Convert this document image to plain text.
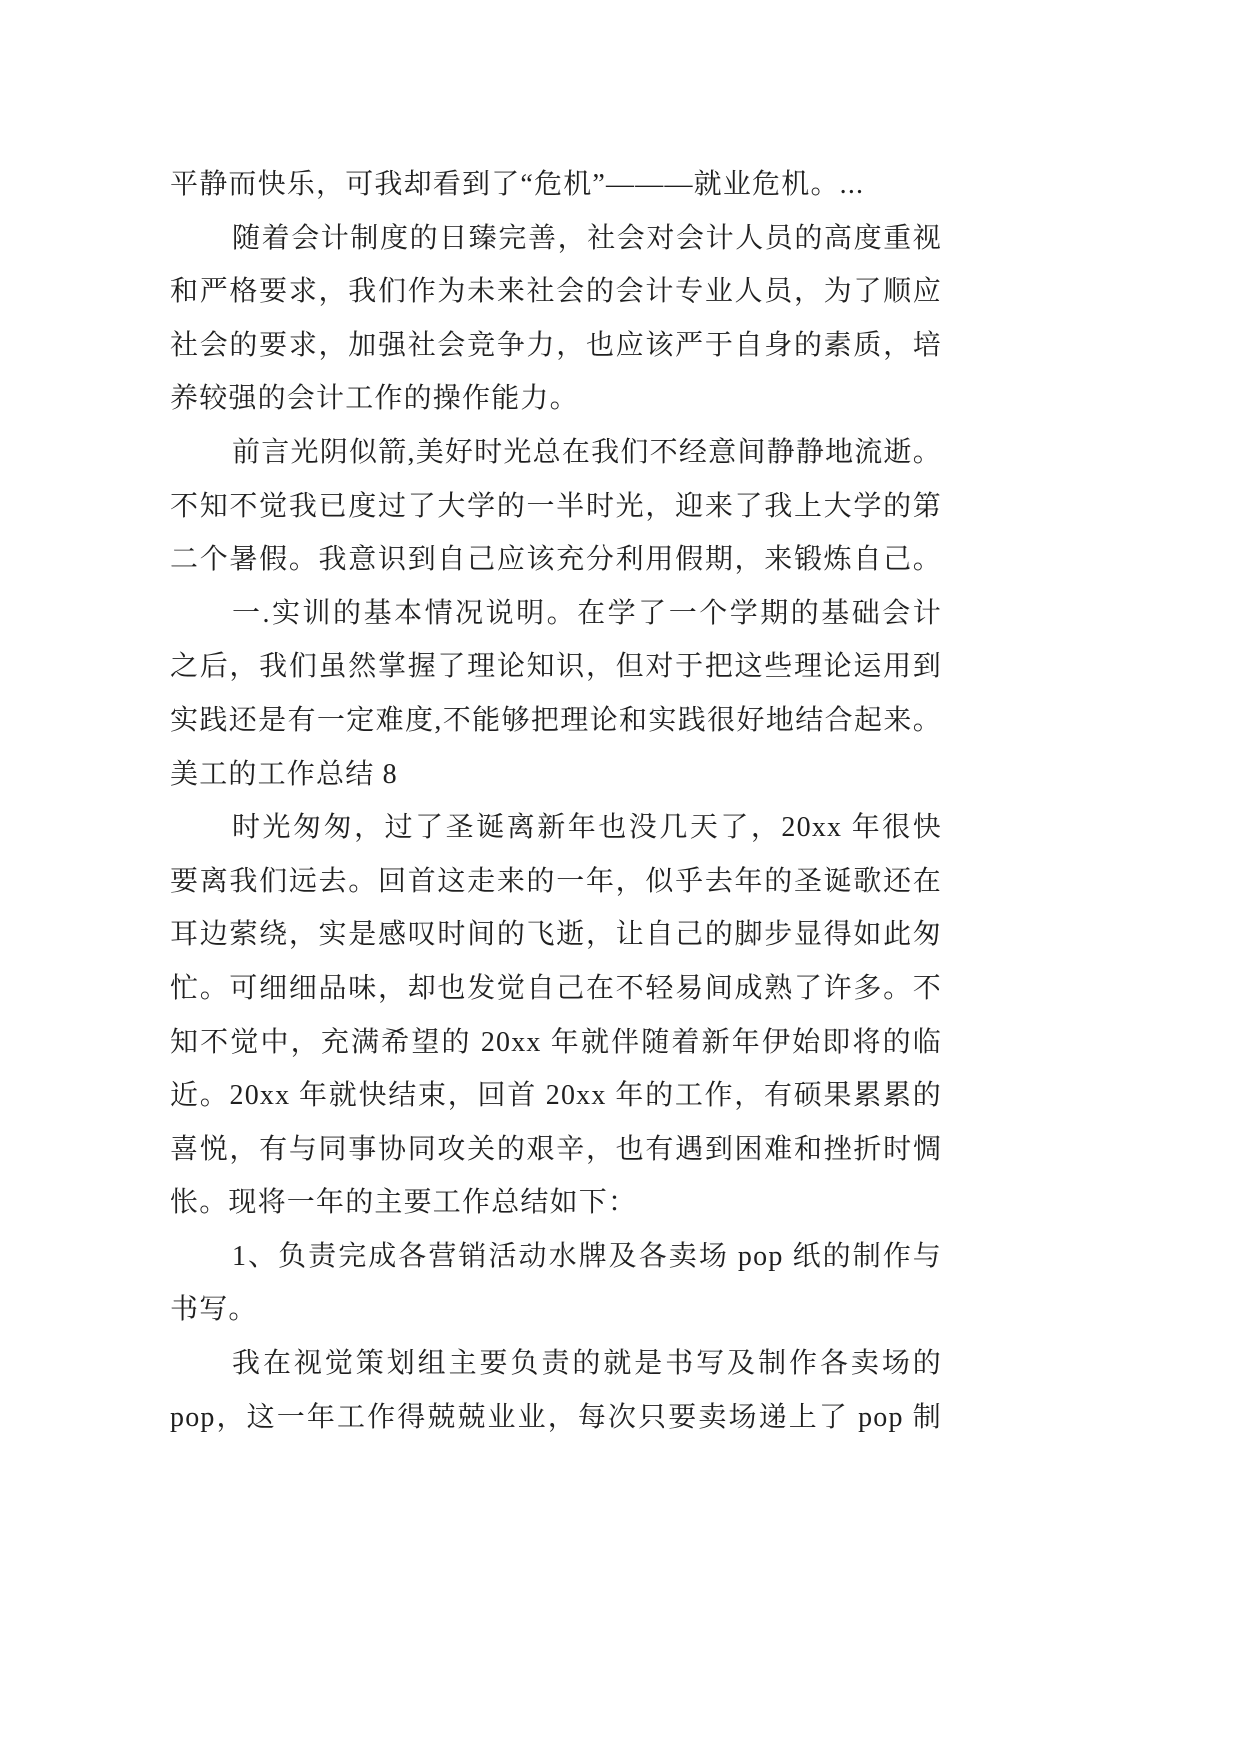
平静而快乐，可我却看到了“危机”———就业危机。...
随着会计制度的日臻完善，社会对会计人员的高度重视
和严格要求，我们作为未来社会的会计专业人员，为了顺应
社会的要求，加强社会竞争力，也应该严于自身的素质，培
养较强的会计工作的操作能力。
前言光阴似箭,美好时光总在我们不经意间静静地流逝。
不知不觉我已度过了大学的一半时光，迎来了我上大学的第
二个暑假。我意识到自己应该充分利用假期，来锻炼自己。
一.实训的基本情况说明。在学了一个学期的基础会计
之后，我们虽然掌握了理论知识，但对于把这些理论运用到
实践还是有一定难度,不能够把理论和实践很好地结合起来。
美工的工作总结 8
时光匆匆，过了圣诞离新年也没几天了，20xx 年很快
要离我们远去。回首这走来的一年，似乎去年的圣诞歌还在
耳边萦绕，实是感叹时间的飞逝，让自己的脚步显得如此匆
忙。可细细品味，却也发觉自己在不轻易间成熟了许多。不
知不觉中，充满希望的 20xx 年就伴随着新年伊始即将的临
近。20xx 年就快结束，回首 20xx 年的工作，有硕果累累的
喜悦，有与同事协同攻关的艰辛，也有遇到困难和挫折时惆
怅。现将一年的主要工作总结如下：
1、负责完成各营销活动水牌及各卖场 pop 纸的制作与
书写。
我在视觉策划组主要负责的就是书写及制作各卖场的
pop，这一年工作得兢兢业业，每次只要卖场递上了 pop 制
